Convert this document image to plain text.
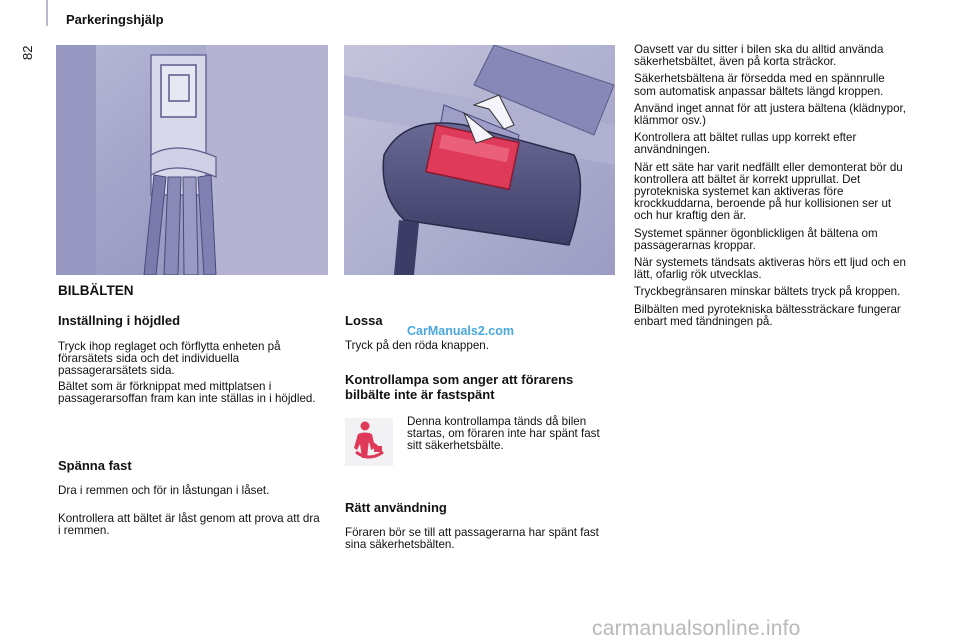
Parkeringshjälp
82
BILBÄLTEN
Inställning i höjdled
Tryck ihop reglaget och förflytta enheten på förarsätets sida och det individuella passagerarsätets sida.
Bältet som är förknippat med mittplatsen i passagerarsoffan fram kan inte ställas in i höjdled.
Spänna fast
Dra i remmen och för in låstungan i låset.
Kontrollera att bältet är låst genom att prova att dra i remmen.
Lossa
CarManuals2.com
Tryck på den röda knappen.
Kontrollampa som anger att förarens bilbälte inte är fastspänt
Denna kontrollampa tänds då bilen startas, om föraren inte har spänt fast sitt säkerhetsbälte.
Rätt användning
Föraren bör se till att passagerarna har spänt fast sina säkerhetsbälten.

Oavsett var du sitter i bilen ska du alltid använda säkerhetsbältet, även på korta sträckor.

Säkerhetsbältena är försedda med en spännrulle som automatisk anpassar bältets längd kroppen.

Använd inget annat för att justera bältena (klädnypor, klämmor osv.)

Kontrollera att bältet rullas upp korrekt efter användningen.

När ett säte har varit nedfällt eller demonterat bör du kontrollera att bältet är korrekt upprullat. Det pyrotekniska systemet kan aktiveras före krockkuddarna, beroende på hur kollisionen ser ut och hur kraftig den är.

Systemet spänner ögonblickligen åt bältena om passagerarnas kroppar.

När systemets tändsats aktiveras hörs ett ljud och en lätt, ofarlig rök utvecklas.

Tryckbegränsaren minskar bältets tryck på kroppen.

Bilbälten med pyrotekniska bältessträckare fungerar enbart med tändningen på.

carmanualsonline.info
